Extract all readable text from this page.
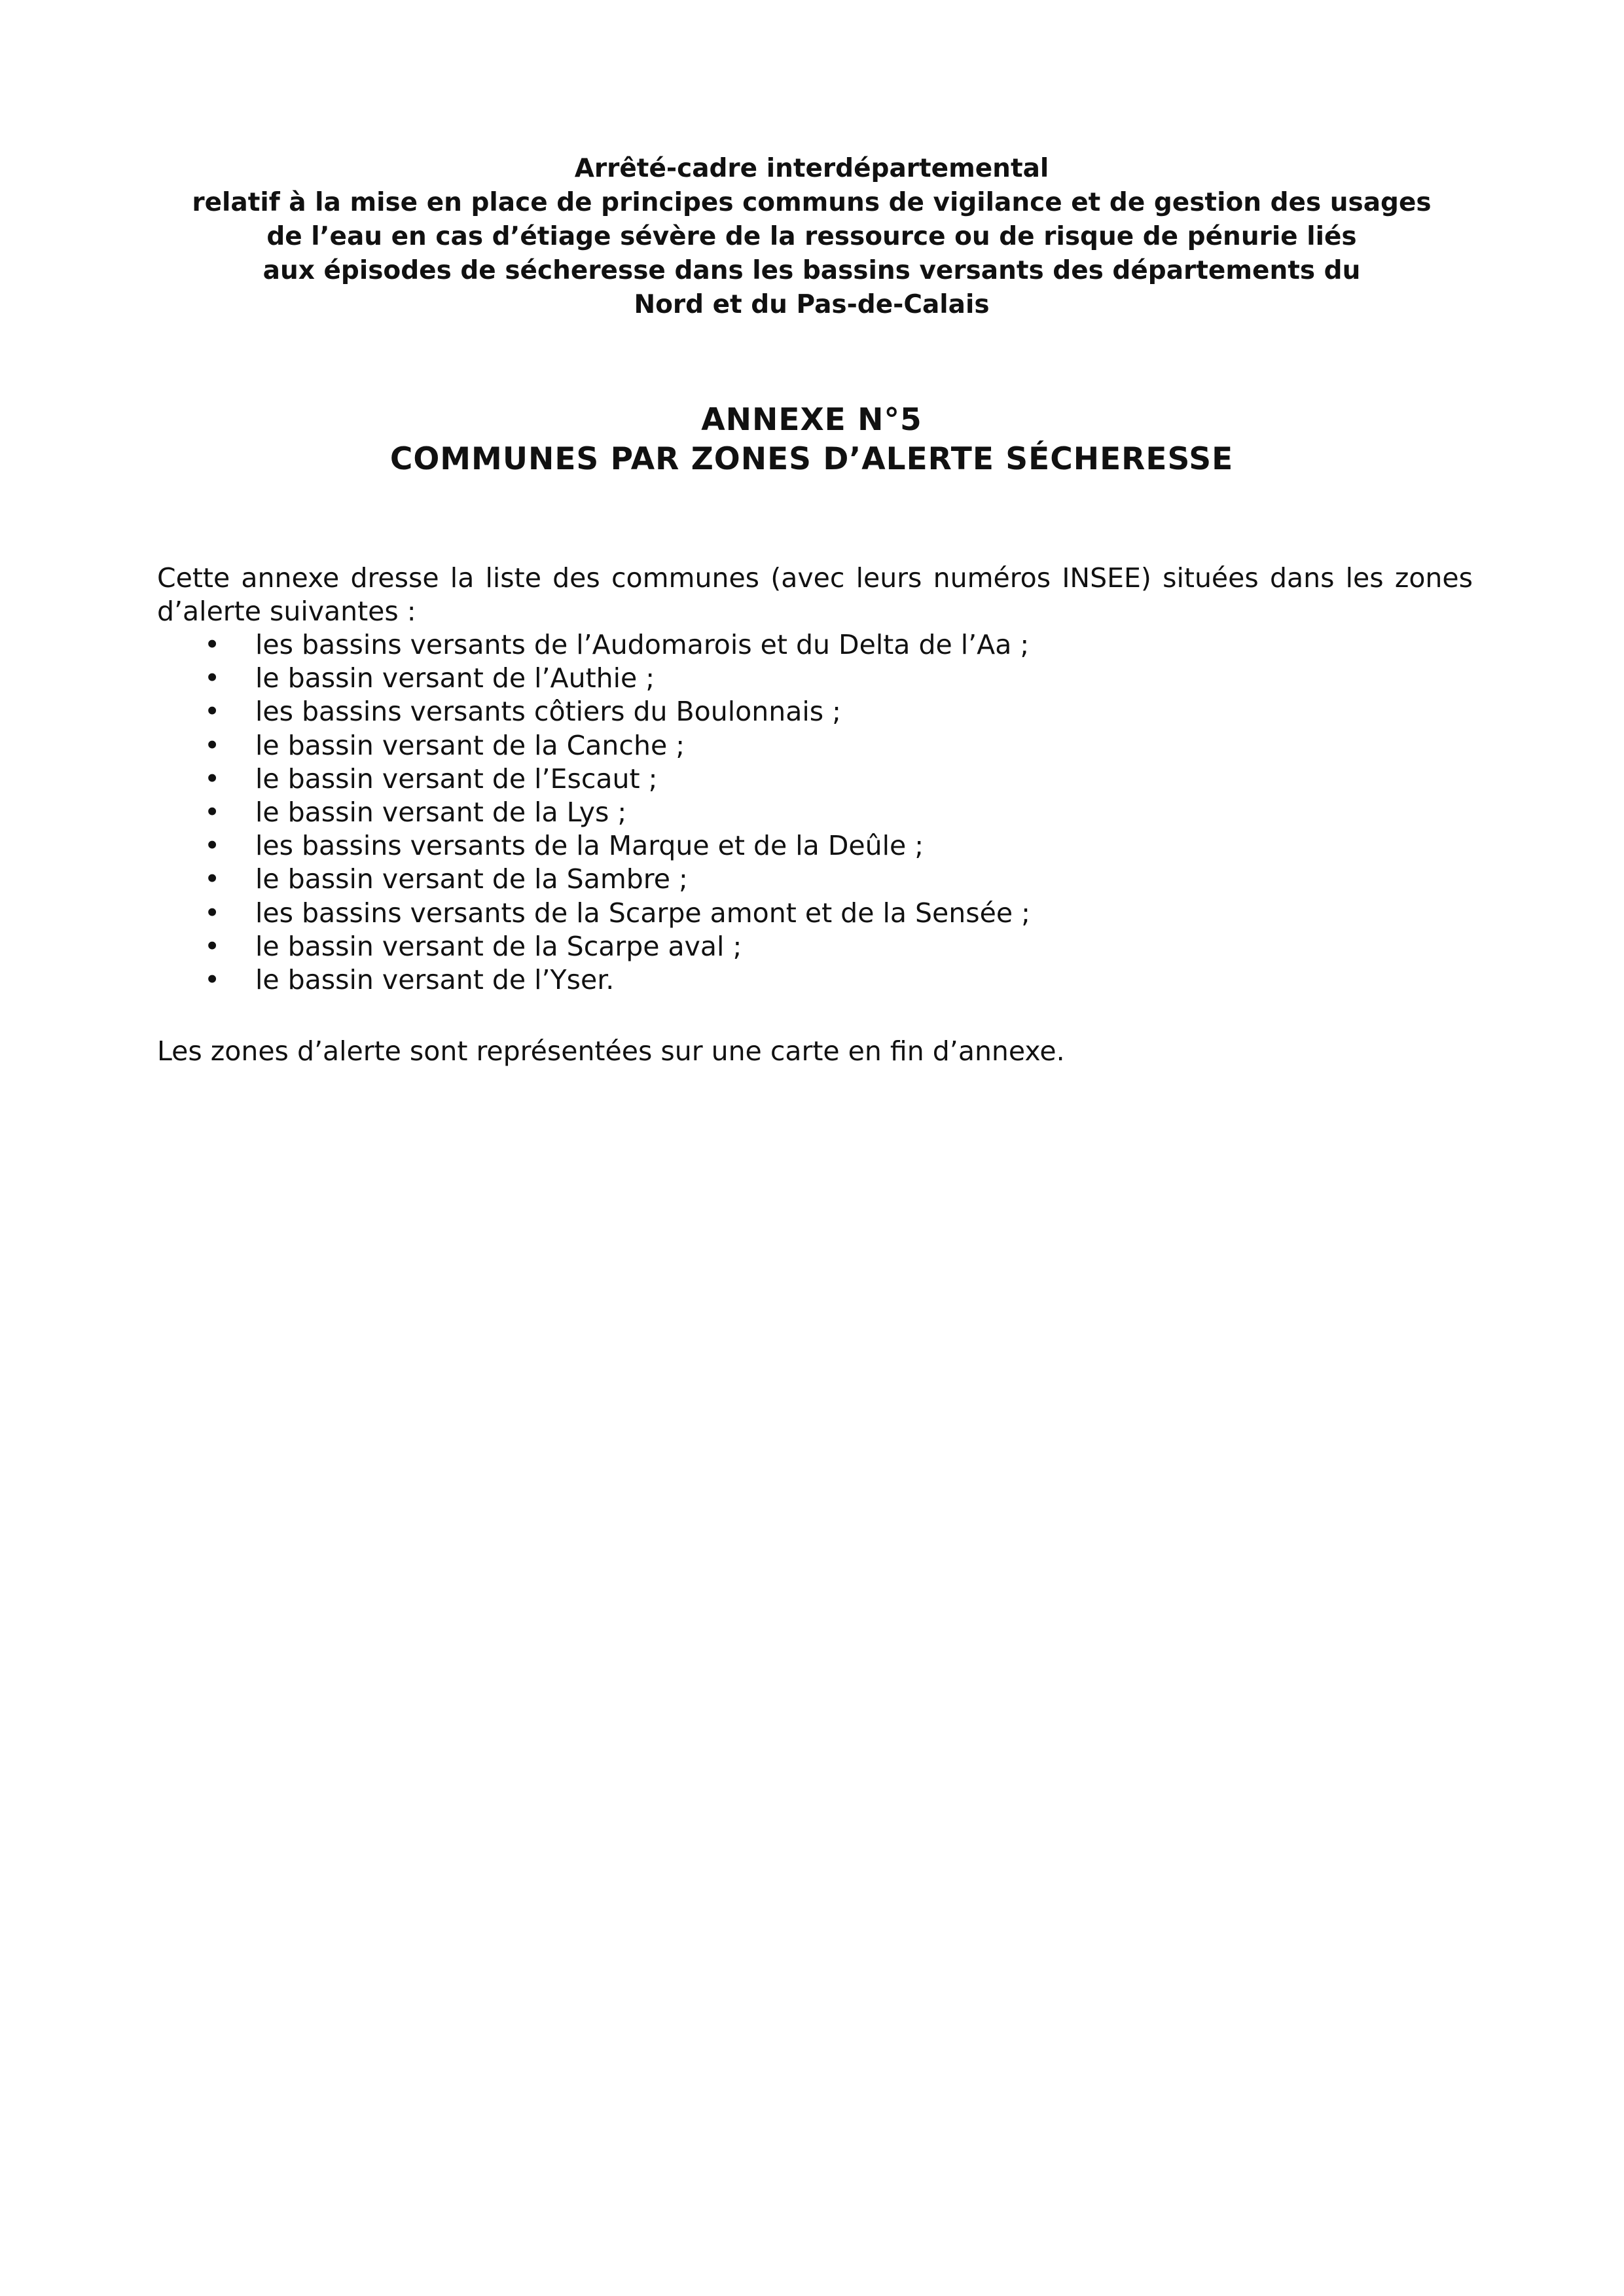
Arrêté-cadre interdépartemental
relatif à la mise en place de principes communs de vigilance et de gestion des usages
de l’eau en cas d’étiage sévère de la ressource ou de risque de pénurie liés
aux épisodes de sécheresse dans les bassins versants des départements du
Nord et du Pas-de-Calais
ANNEXE N°5
COMMUNES PAR ZONES D’ALERTE SÉCHERESSE
Cette annexe dresse la liste des communes (avec leurs numéros INSEE) situées dans les zones
d’alerte suivantes :
• les bassins versants de l’Audomarois et du Delta de l’Aa ;
• le bassin versant de l’Authie ;
• les bassins versants côtiers du Boulonnais ;
• le bassin versant de la Canche ;
• le bassin versant de l’Escaut ;
• le bassin versant de la Lys ;
• les bassins versants de la Marque et de la Deûle ;
• le bassin versant de la Sambre ;
• les bassins versants de la Scarpe amont et de la Sensée ;
• le bassin versant de la Scarpe aval ;
• le bassin versant de l’Yser.
Les zones d’alerte sont représentées sur une carte en fin d’annexe.
